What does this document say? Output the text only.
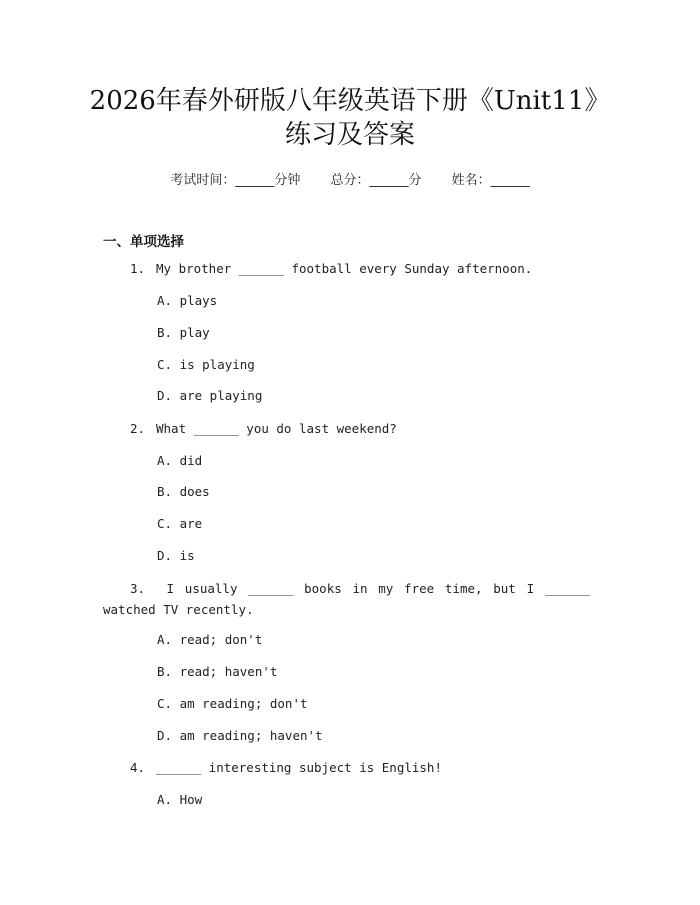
2026年春外研版八年级英语下册《Unit11》
练习及答案
考试时间：______分钟 总分：______分 姓名：______
一、单项选择
1. My brother ______ football every Sunday afternoon.
A. plays
B. play
C. is playing
D. are playing
2. What ______ you do last weekend?
A. did
B. does
C. are
D. is
3. I usually ______ books in my free time, but I ______ watched TV recently.
A. read; don't
B. read; haven't
C. am reading; don't
D. am reading; haven't
4. ______ interesting subject is English!
A. How
